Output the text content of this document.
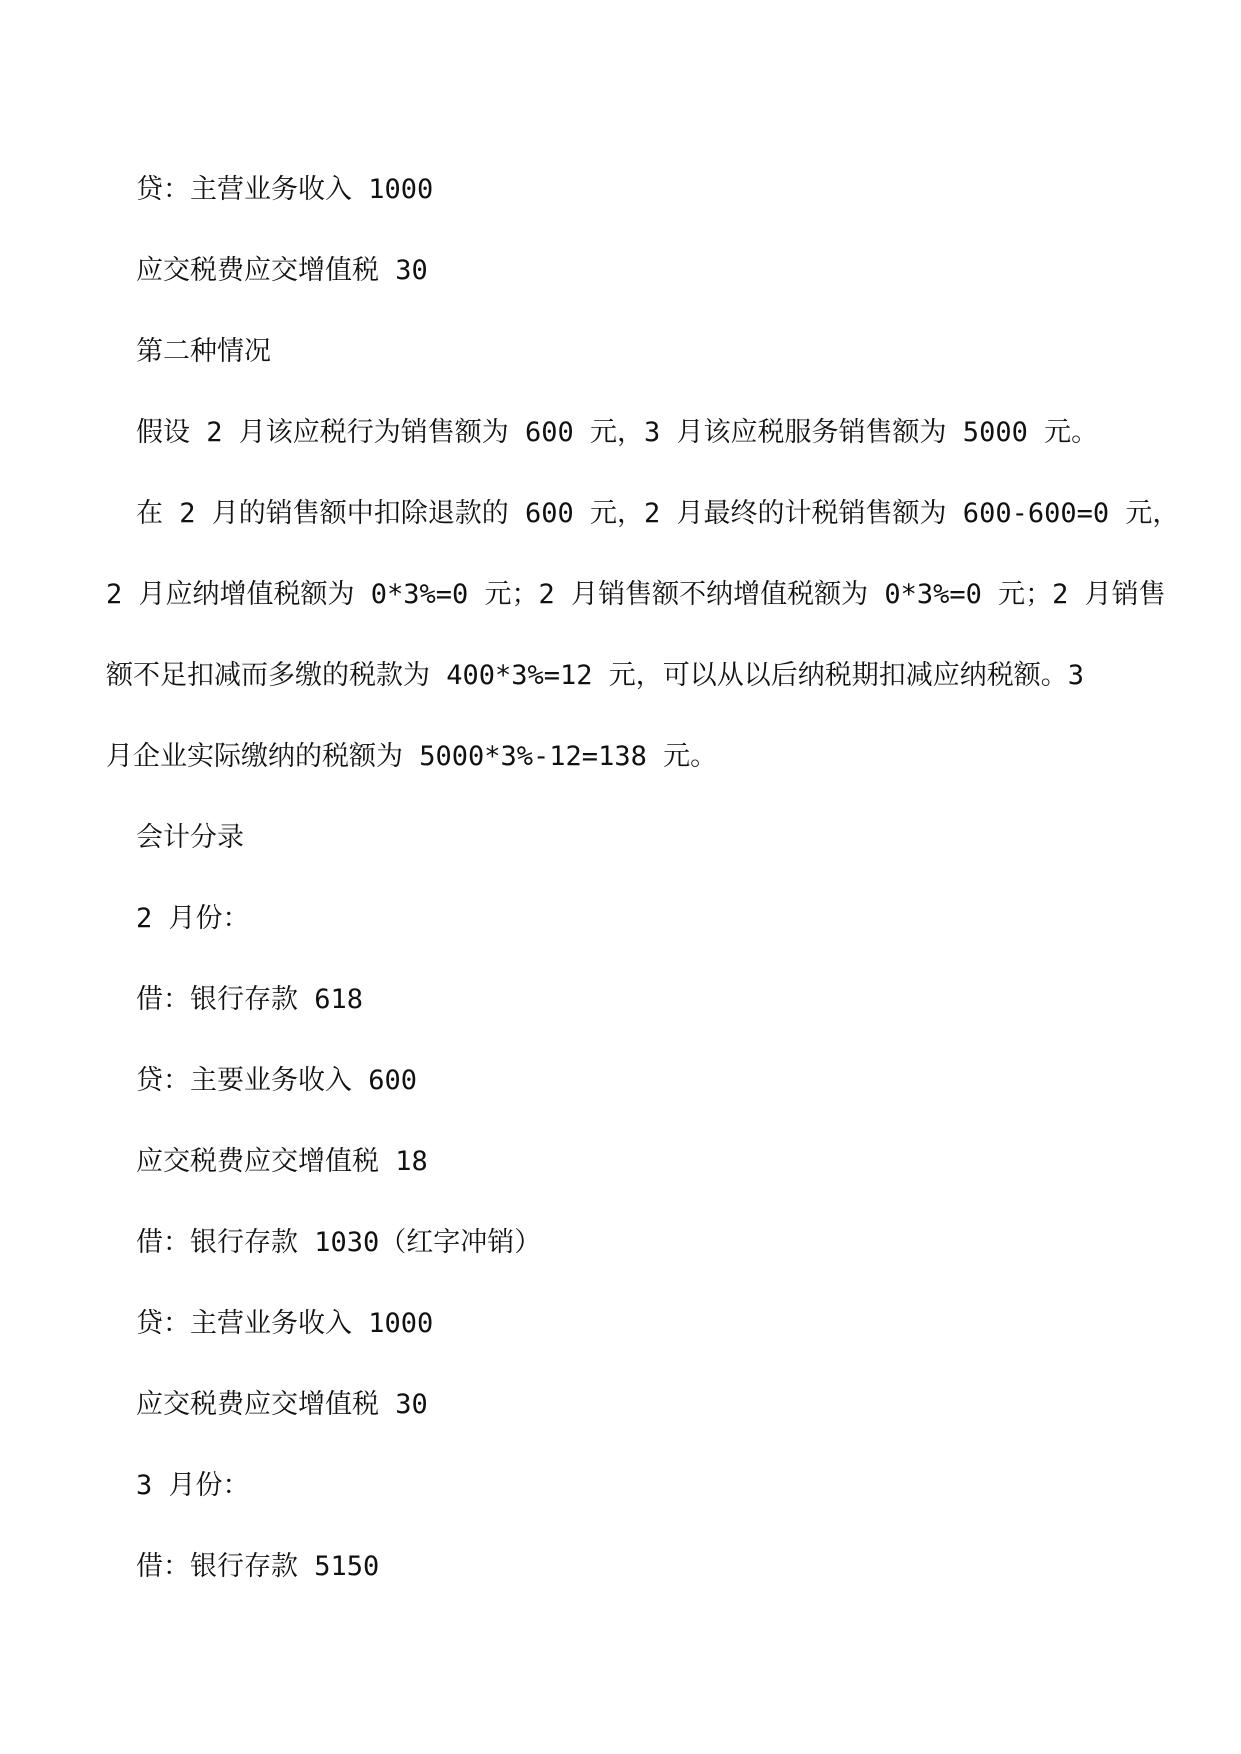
贷：主营业务收入 1000
应交税费应交增值税 30
第二种情况
假设 2 月该应税行为销售额为 600 元，3 月该应税服务销售额为 5000 元。
在 2 月的销售额中扣除退款的 600 元，2 月最终的计税销售额为 600-600=0 元，
2 月应纳增值税额为 0*3%=0 元；2 月销售额不纳增值税额为 0*3%=0 元；2 月销售
额不足扣减而多缴的税款为 400*3%=12 元，可以从以后纳税期扣减应纳税额。3
月企业实际缴纳的税额为 5000*3%-12=138 元。
会计分录
2 月份：
借：银行存款 618
贷：主要业务收入 600
应交税费应交增值税 18
借：银行存款 1030（红字冲销）
贷：主营业务收入 1000
应交税费应交增值税 30
3 月份：
借：银行存款 5150
